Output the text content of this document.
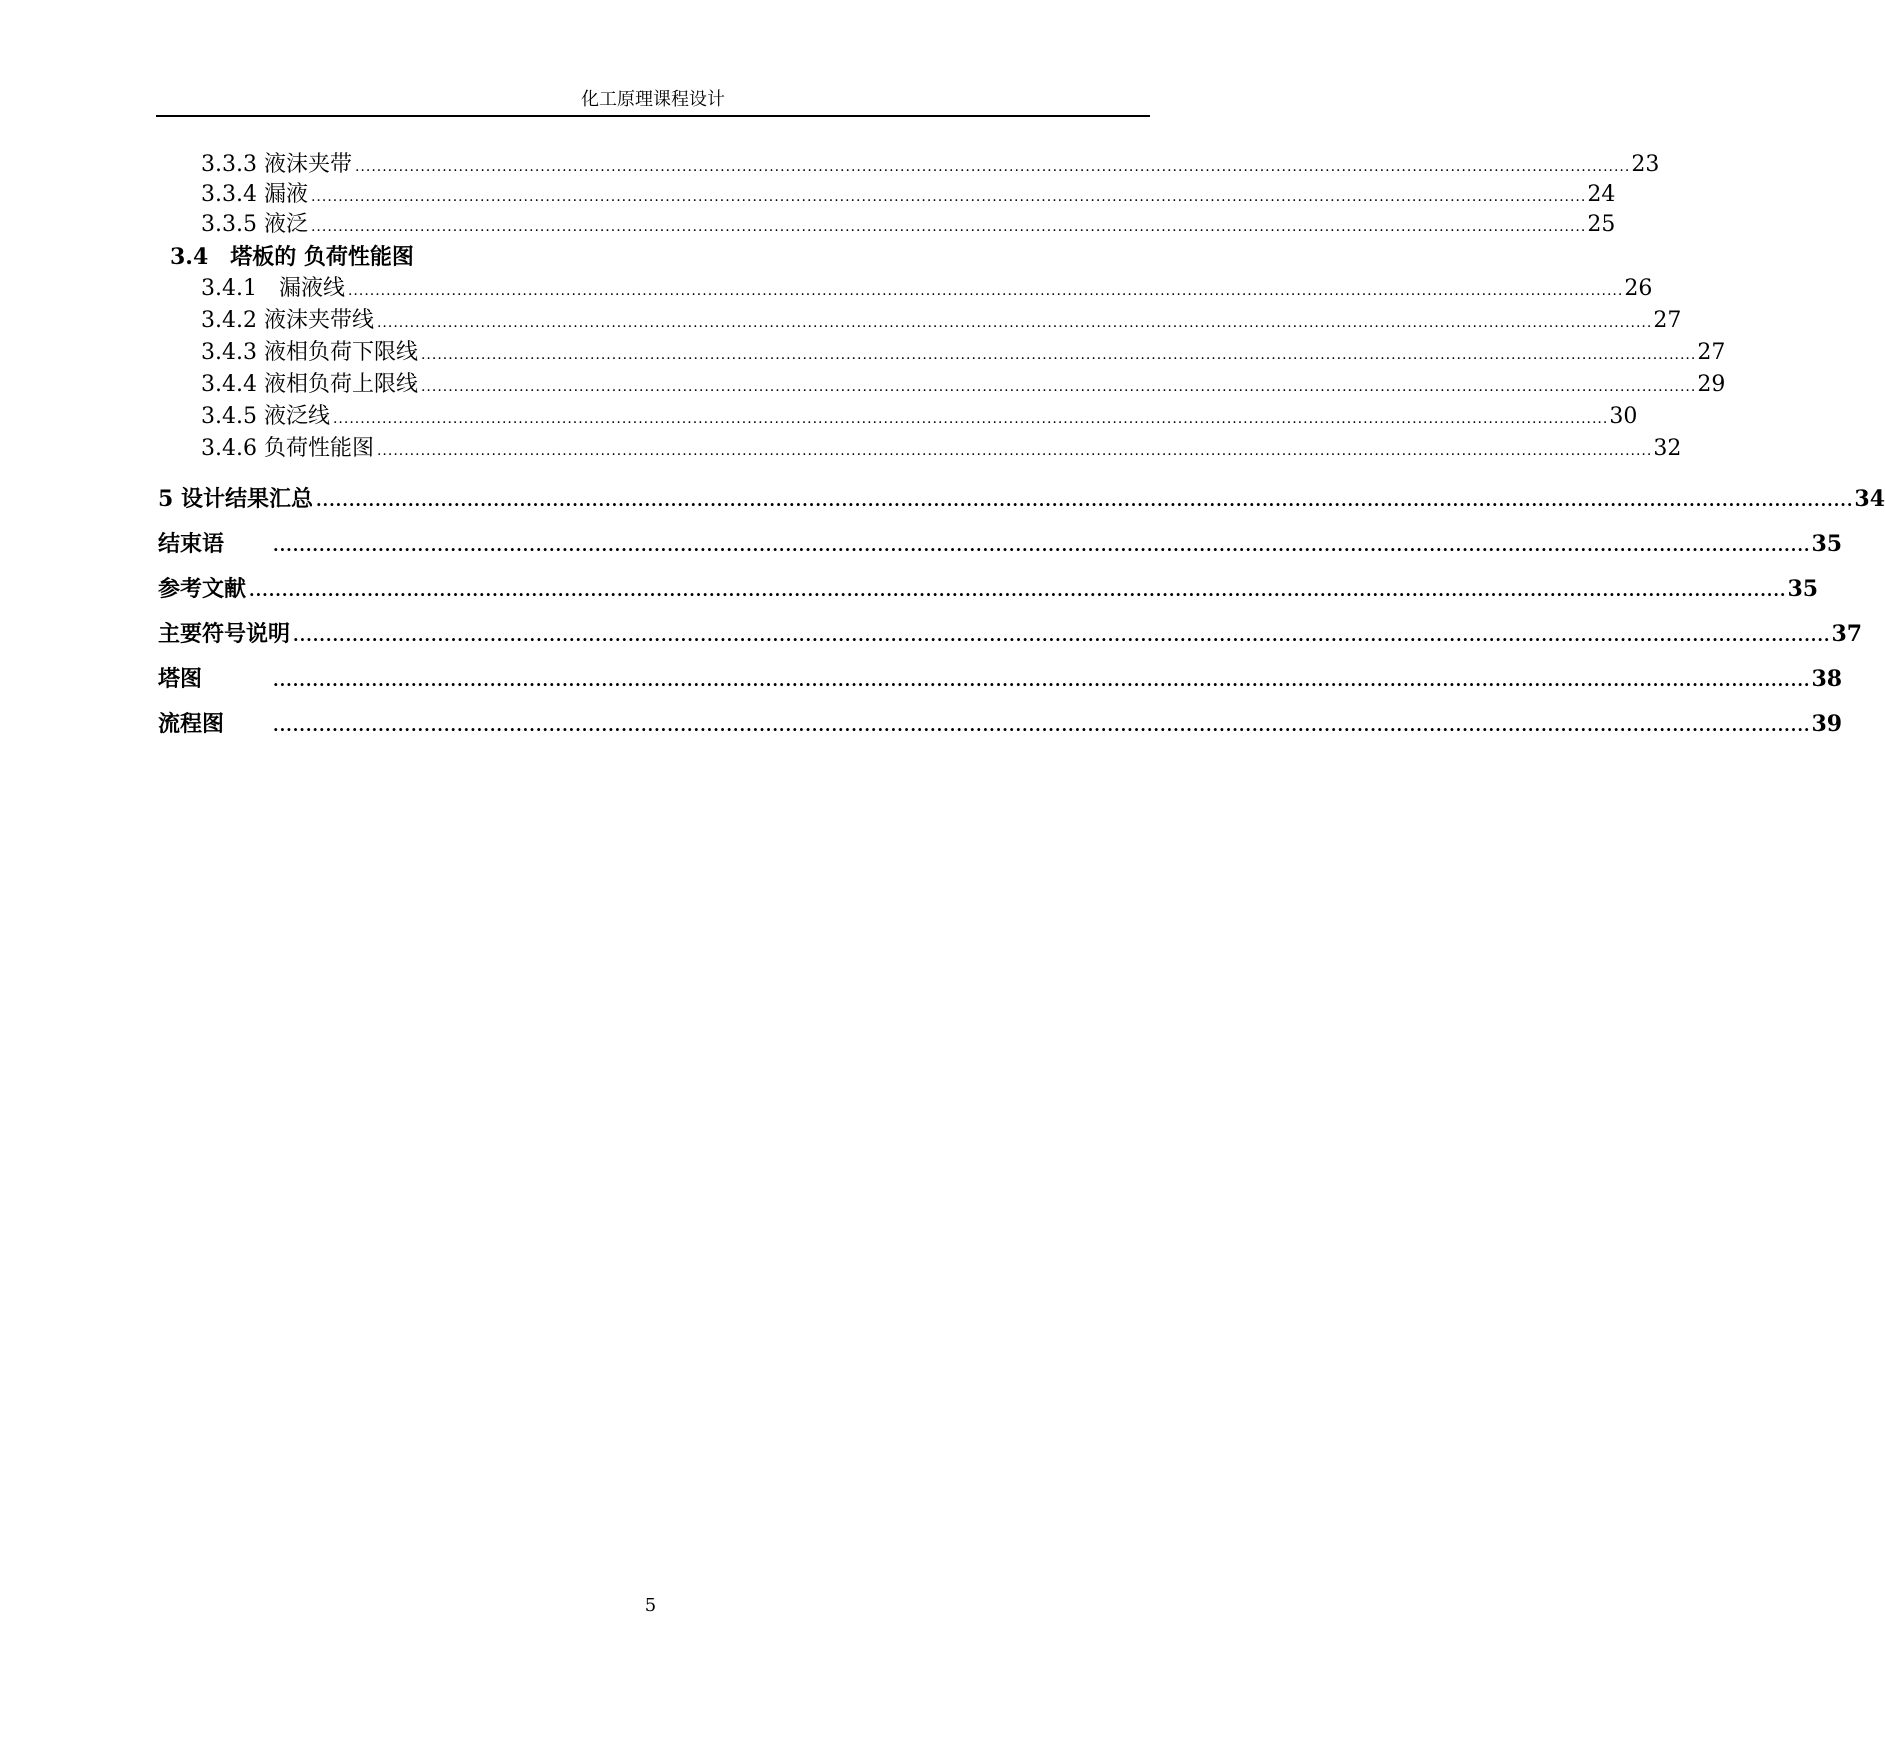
化工原理课程设计
3.3.3 液沫夹带 .......................................................................................................................................................................................................................................... 23
3.3.4 漏液 .......................................................................................................................................................................................................................................... 24
3.3.5 液泛 .......................................................................................................................................................................................................................................... 25
3.4　塔板的 负荷性能图
3.4.1　漏液线 .......................................................................................................................................................................................................................................... 26
3.4.2 液沫夹带线 .......................................................................................................................................................................................................................................... 27
3.4.3 液相负荷下限线 .......................................................................................................................................................................................................................................... 27
3.4.4 液相负荷上限线 .......................................................................................................................................................................................................................................... 29
3.4.5 液泛线 .......................................................................................................................................................................................................................................... 30
3.4.6 负荷性能图 .......................................................................................................................................................................................................................................... 32
5 设计结果汇总 .......................................................................................................................................................................................................................................... 34
结束语	.......................................................................................................................................................................................................................................... 35
参考文献 .......................................................................................................................................................................................................................................... 35
主要符号说明 .......................................................................................................................................................................................................................................... 37
塔图	.......................................................................................................................................................................................................................................... 38
流程图	.......................................................................................................................................................................................................................................... 39
5
